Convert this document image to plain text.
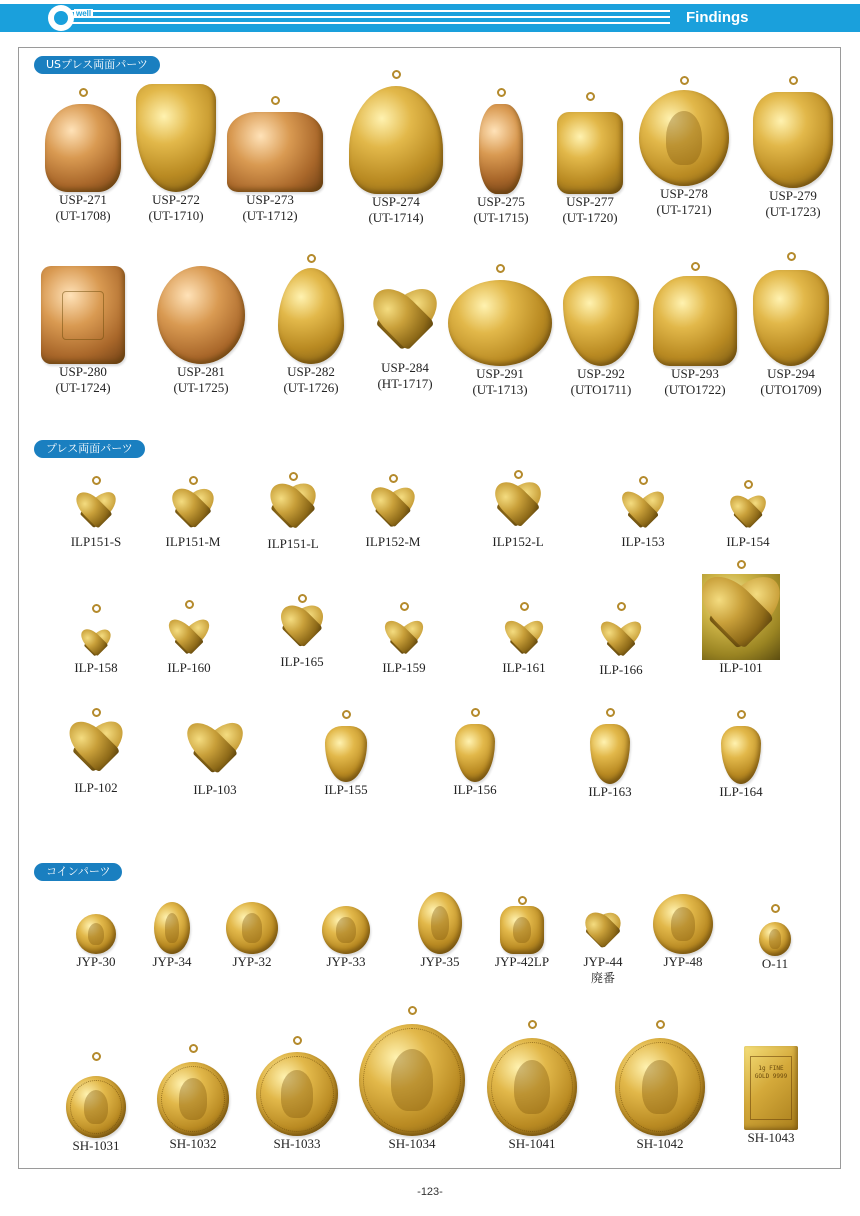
well	Findings
USプレス両面パーツ
USP-271
(UT-1708)
USP-272
(UT-1710)
USP-273
(UT-1712)
USP-274
(UT-1714)
USP-275
(UT-1715)
USP-277
(UT-1720)
USP-278
(UT-1721)
USP-279
(UT-1723)
USP-280
(UT-1724)
USP-281
(UT-1725)
USP-282
(UT-1726)
USP-284
(HT-1717)
USP-291
(UT-1713)
USP-292
(UTO1711)
USP-293
(UTO1722)
USP-294
(UTO1709)
プレス両面パーツ
ILP151-S	ILP151-M	ILP151-L	ILP152-M	ILP152-L	ILP-153	ILP-154
ILP-158	ILP-160	ILP-165	ILP-159	ILP-161	ILP-166	ILP-101
ILP-102	ILP-103	ILP-155	ILP-156	ILP-163	ILP-164
コインパーツ
JYP-30	JYP-34	JYP-32	JYP-33	JYP-35	JYP-42LP	JYP-44
廃番
JYP-48	O-11
SH-1031	SH-1032	SH-1033	SH-1034	SH-1041	SH-1042
1g FINE GOLD 9999
SH-1043
-123-
